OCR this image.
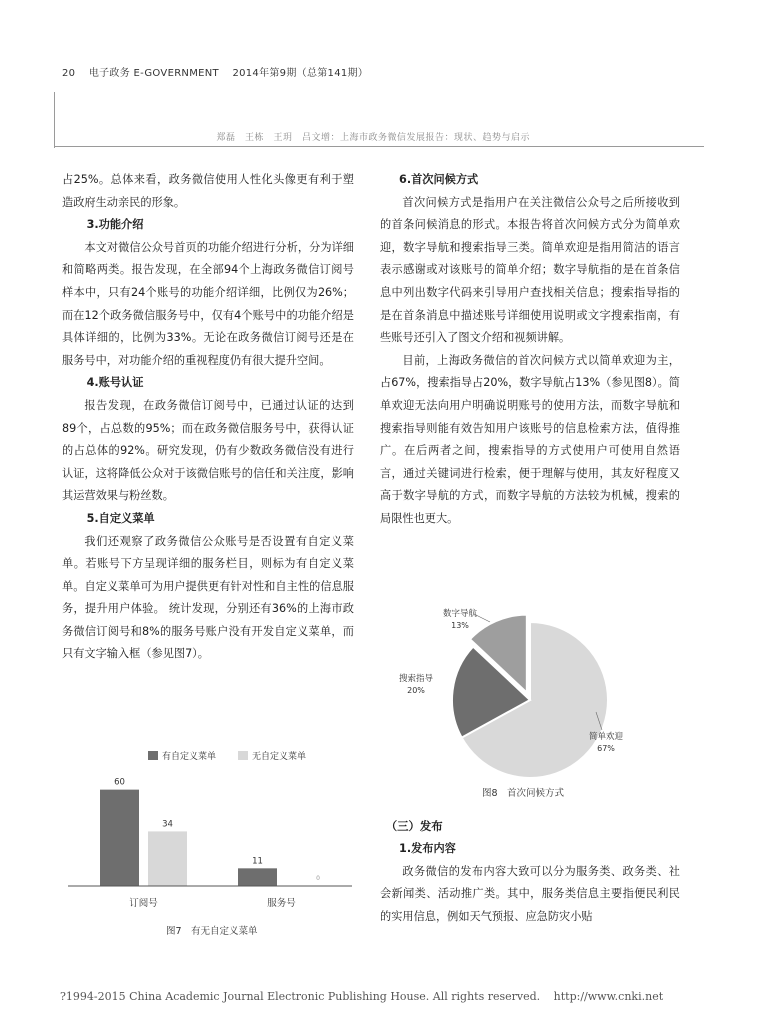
20 电子政务 E-GOVERNMENT 2014年第9期（总第141期）
郑磊　王栋　王玥　吕文增：上海市政务微信发展报告：现状、趋势与启示

占25%。总体来看，政务微信使用人性化头像更有利于塑造政府生动亲民的形象。

3.功能介绍

本文对微信公众号首页的功能介绍进行分析，分为详细和简略两类。报告发现，在全部94个上海政务微信订阅号样本中，只有24个账号的功能介绍详细，比例仅为26%；而在12个政务微信服务号中，仅有4个账号中的功能介绍是具体详细的，比例为33%。无论在政务微信订阅号还是在服务号中，对功能介绍的重视程度仍有很大提升空间。

4.账号认证

报告发现，在政务微信订阅号中，已通过认证的达到89个，占总数的95%；而在政务微信服务号中，获得认证的占总体的92%。研究发现，仍有少数政务微信没有进行认证，这将降低公众对于该微信账号的信任和关注度，影响其运营效果与粉丝数。

5.自定义菜单

我们还观察了政务微信公众账号是否设置有自定义菜单。若账号下方呈现详细的服务栏目，则标为有自定义菜单。自定义菜单可为用户提供更有针对性和自主性的信息服务，提升用户体验。 统计发现，分别还有36%的上海市政务微信订阅号和8%的服务号账户没有开发自定义菜单，而只有文字输入框（参见图7）。

有自定义菜单	无自定义菜单
60
34
订阅号
11
服务号
0
图7　有无自定义菜单
6.首次问候方式

首次问候方式是指用户在关注微信公众号之后所接收到的首条问候消息的形式。本报告将首次问候方式分为简单欢迎，数字导航和搜索指导三类。简单欢迎是指用简洁的语言表示感谢或对该账号的简单介绍；数字导航指的是在首条信息中列出数字代码来引导用户查找相关信息；搜索指导指的是在首条消息中描述账号详细使用说明或文字搜索指南，有些账号还引入了图文介绍和视频讲解。

目前，上海政务微信的首次问候方式以简单欢迎为主，占67%，搜索指导占20%，数字导航占13%（参见图8）。简单欢迎无法向用户明确说明账号的使用方法，而数字导航和搜索指导则能有效告知用户该账号的信息检索方法，值得推广。在后两者之间，搜索指导的方式使用户可使用自然语言，通过关键词进行检索，便于理解与使用，其友好程度又高于数字导航的方式，而数字导航的方法较为机械，搜索的局限性也更大。

数字导航
13%
搜索指导
20%
简单欢迎
67%
图8　首次问候方式
（三）发布
1.发布内容

政务微信的发布内容大致可以分为服务类、政务类、社会新闻类、活动推广类。其中，服务类信息主要指便民利民的实用信息，例如天气预报、应急防灾小贴

?1994-2015 China Academic Journal Electronic Publishing House. All rights reserved. http://www.cnki.net
